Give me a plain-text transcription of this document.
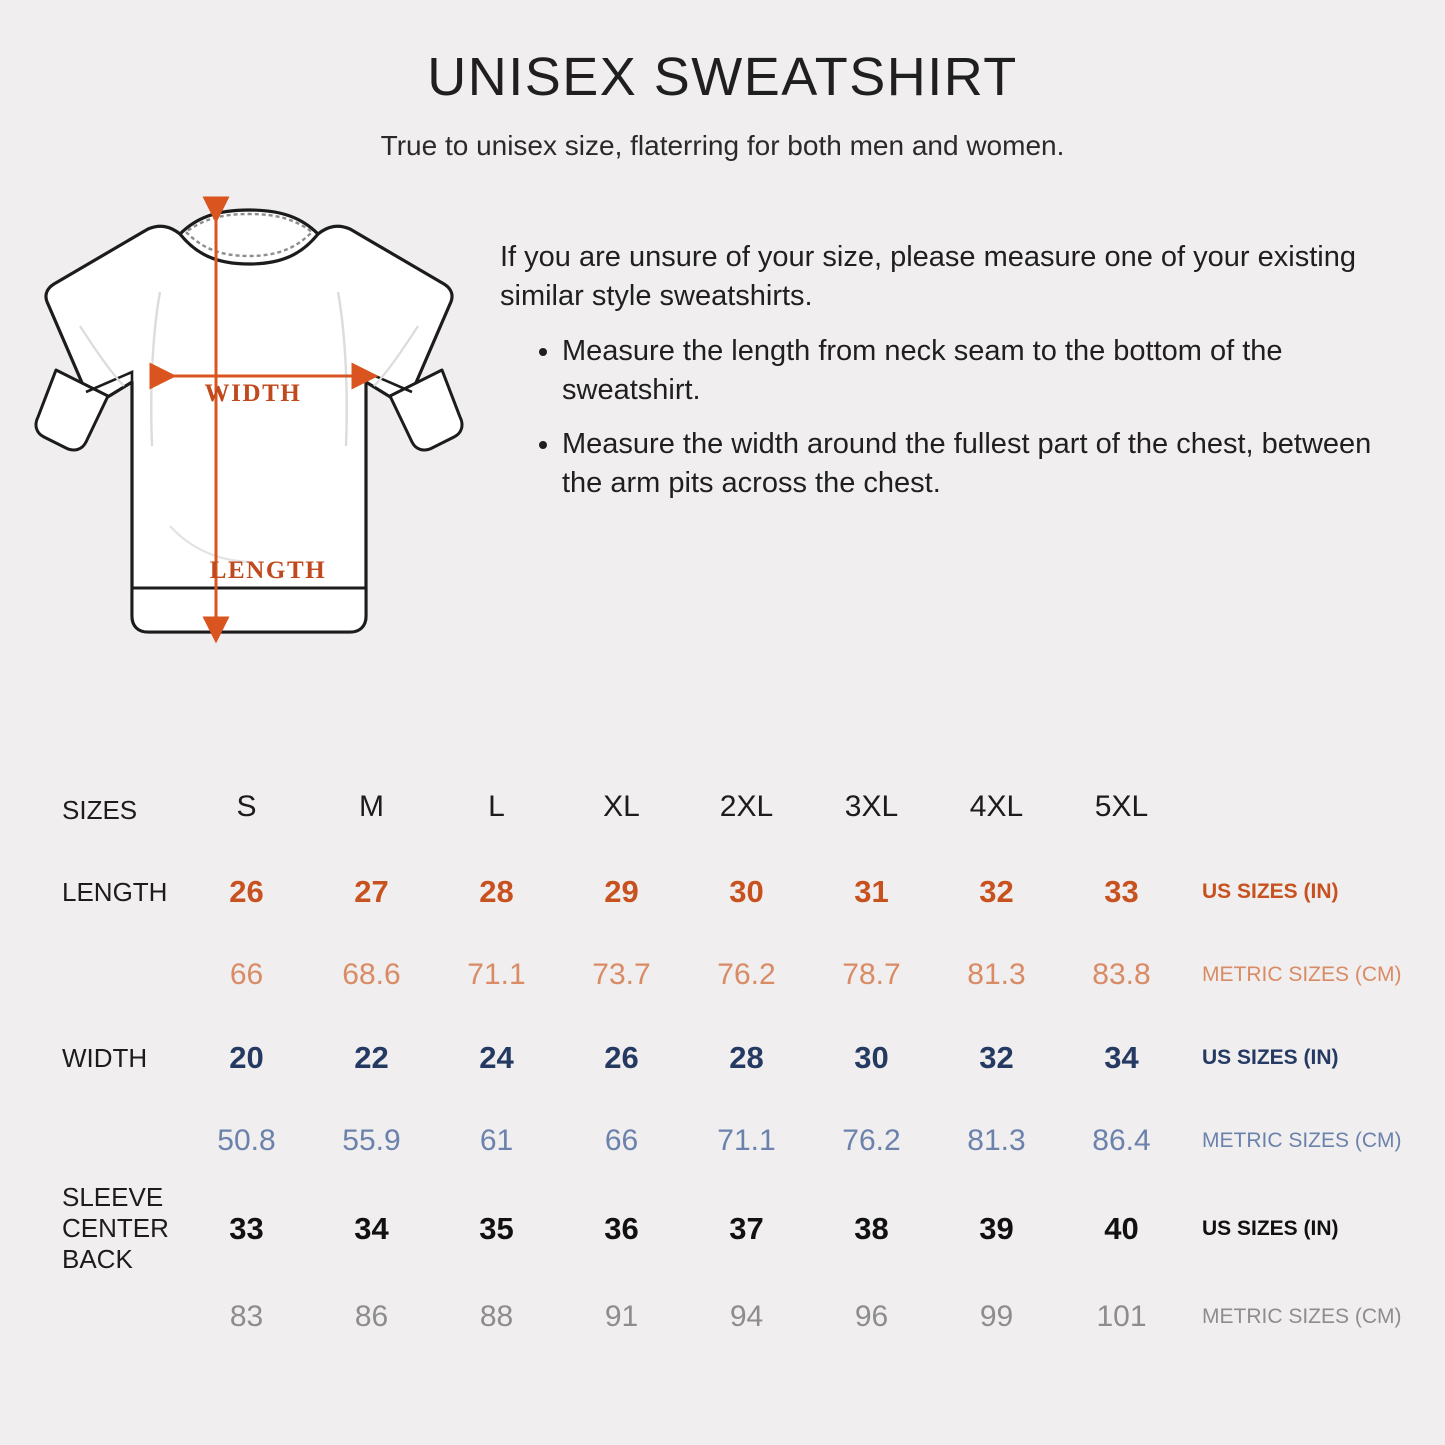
UNISEX SWEATSHIRT
True to unisex size, flaterring for both men and women.
WIDTH
LENGTH

If you are unsure of your size, please measure one of your existing similar style sweatshirts.

• Measure the length from neck seam to the bottom of the sweatshirt.
• Measure the width around the fullest part of the chest, between the arm pits across the chest.
SIZES	S	M	L	XL	2XL	3XL	4XL	5XL	
LENGTH	26	27	28	29	30	31	32	33	US SIZES (IN)
	66	68.6	71.1	73.7	76.2	78.7	81.3	83.8	METRIC SIZES (CM)
WIDTH	20	22	24	26	28	30	32	34	US SIZES (IN)
	50.8	55.9	61	66	71.1	76.2	81.3	86.4	METRIC SIZES (CM)

SLEEVE
CENTER
BACK	33	34	35	36	37	38	39	40	US SIZES (IN)
	83	86	88	91	94	96	99	101	METRIC SIZES (CM)
